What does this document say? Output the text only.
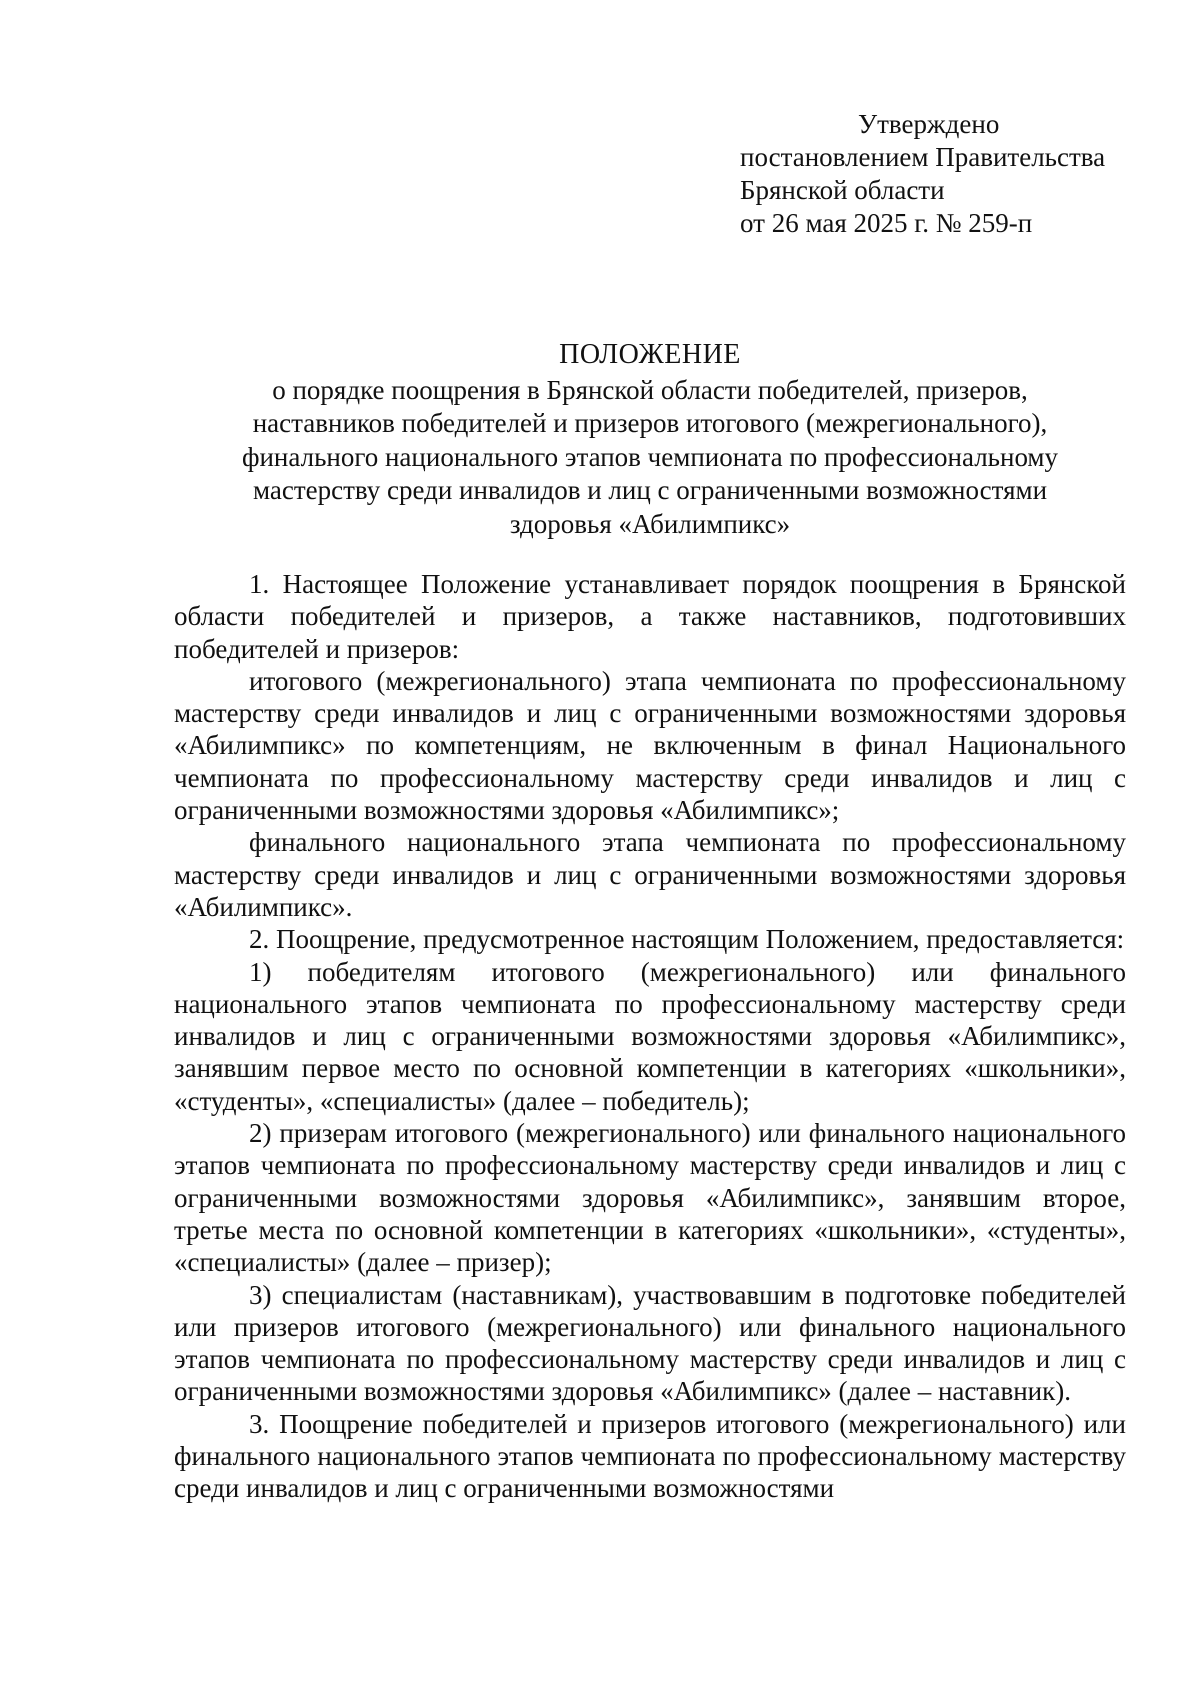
Утверждено
постановлением Правительства
Брянской области
от 26 мая 2025 г. № 259-п
ПОЛОЖЕНИЕ
о порядке поощрения в Брянской области победителей, призеров,
наставников победителей и призеров итогового (межрегионального),
финального национального этапов чемпионата по профессиональному
мастерству среди инвалидов и лиц с ограниченными возможностями
здоровья «Абилимпикс»

1. Настоящее Положение устанавливает порядок поощрения в Брянской области победителей и призеров, а также наставников, подготовивших победителей и призеров:

итогового (межрегионального) этапа чемпионата по профессиональному мастерству среди инвалидов и лиц с ограниченными возможностями здоровья «Абилимпикс» по компетенциям, не включенным в финал Национального чемпионата по профессиональному мастерству среди инвалидов и лиц с ограниченными возможностями здоровья «Абилимпикс»;

финального национального этапа чемпионата по профессиональному мастерству среди инвалидов и лиц с ограниченными возможностями здоровья «Абилимпикс».

2. Поощрение, предусмотренное настоящим Положением, предоставляется:

1) победителям итогового (межрегионального) или финального национального этапов чемпионата по профессиональному мастерству среди инвалидов и лиц с ограниченными возможностями здоровья «Абилимпикс», занявшим первое место по основной компетенции в категориях «школьники», «студенты», «специалисты» (далее – победитель);

2) призерам итогового (межрегионального) или финального национального этапов чемпионата по профессиональному мастерству среди инвалидов и лиц с ограниченными возможностями здоровья «Абилимпикс», занявшим второе, третье места по основной компетенции в категориях «школьники», «студенты», «специалисты» (далее – призер);

3) специалистам (наставникам), участвовавшим в подготовке победителей или призеров итогового (межрегионального) или финального национального этапов чемпионата по профессиональному мастерству среди инвалидов и лиц с ограниченными возможностями здоровья «Абилимпикс» (далее – наставник).

3. Поощрение победителей и призеров итогового (межрегионального) или финального национального этапов чемпионата по профессиональному мастерству среди инвалидов и лиц с ограниченными возможностями
